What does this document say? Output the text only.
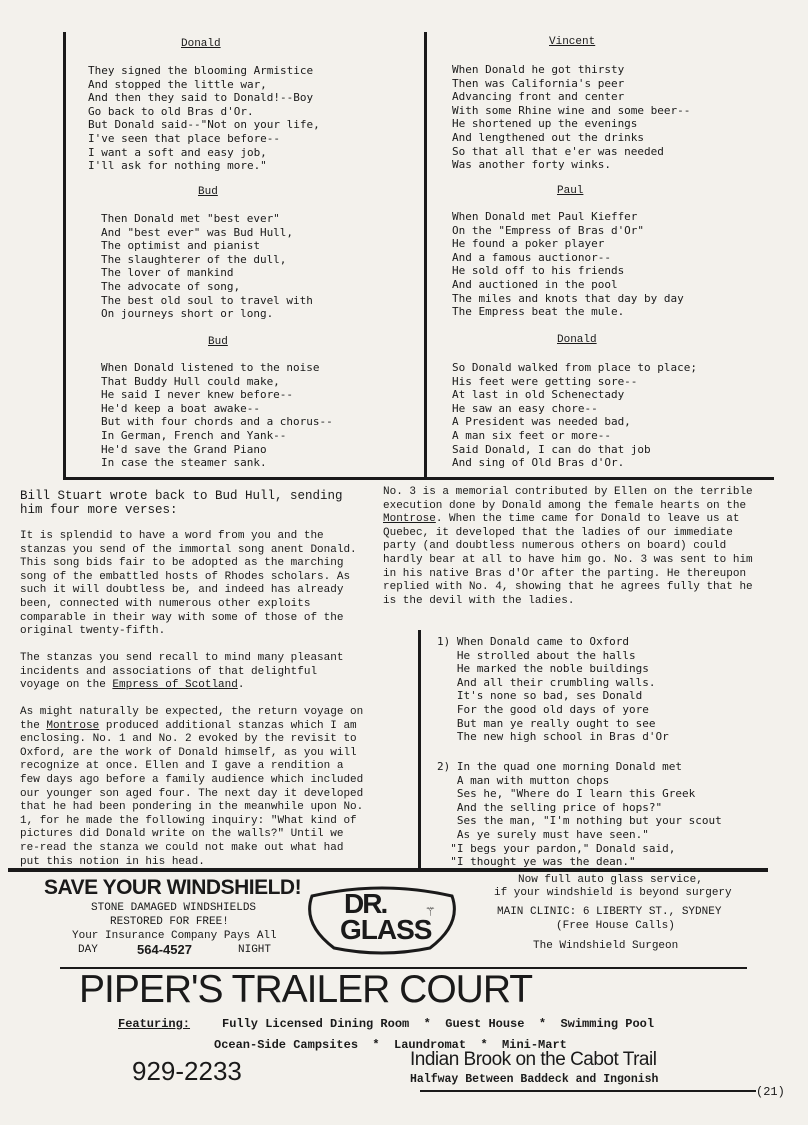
Donald
They signed the blooming Armistice
And stopped the little war,
And then they said to Donald!--Boy
Go back to old Bras d'Or.
But Donald said--"Not on your life,
I've seen that place before--
I want a soft and easy job,
I'll ask for nothing more."
Bud
Then Donald met "best ever"
And "best ever" was Bud Hull,
The optimist and pianist
The slaughterer of the dull,
The lover of mankind
The advocate of song,
The best old soul to travel with
On journeys short or long.
Bud
When Donald listened to the noise
That Buddy Hull could make,
He said I never knew before--
He'd keep a boat awake--
But with four chords and a chorus--
In German, French and Yank--
He'd save the Grand Piano
In case the steamer sank.
Vincent
When Donald he got thirsty
Then was California's peer
Advancing front and center
With some Rhine wine and some beer--
He shortened up the evenings
And lengthened out the drinks
So that all that e'er was needed
Was another forty winks.
Paul
When Donald met Paul Kieffer
On the "Empress of Bras d'Or"
He found a poker player
And a famous auctionor--
He sold off to his friends
And auctioned in the pool
The miles and knots that day by day
The Empress beat the mule.
Donald
So Donald walked from place to place;
His feet were getting sore--
At last in old Schenectady
He saw an easy chore--
A President was needed bad,
A man six feet or more--
Said Donald, I can do that job
And sing of Old Bras d'Or.

Bill Stuart wrote back to Bud Hull, sending him four more verses:

It is splendid to have a word from you and the stanzas you send of the immortal song anent Donald. This song bids fair to be adopted as the marching song of the embattled hosts of Rhodes scholars. As such it will doubtless be, and indeed has already been, connected with numerous other exploits comparable in their way with some of those of the original twenty-fifth.

The stanzas you send recall to mind many pleasant incidents and associations of that delightful voyage on the Empress of Scotland.

As might naturally be expected, the return voyage on the Montrose produced additional stanzas which I am enclosing. No. 1 and No. 2 evoked by the revisit to Oxford, are the work of Donald himself, as you will recognize at once. Ellen and I gave a rendition a few days ago before a family audience which included our younger son aged four. The next day it developed that he had been pondering in the meanwhile upon No. 1, for he made the following inquiry: "What kind of pictures did Donald write on the walls?" Until we re-read the stanza we could not make out what had put this notion in his head.

No. 3 is a memorial contributed by Ellen on the terrible execution done by Donald among the female hearts on the Montrose. When the time came for Donald to leave us at Quebec, it developed that the ladies of our immediate party (and doubtless numerous others on board) could hardly bear at all to have him go. No. 3 was sent to him in his native Bras d'Or after the parting. He thereupon replied with No. 4, showing that he agrees fully that he is the devil with the ladies.

1) When Donald came to Oxford
He strolled about the halls
He marked the noble buildings
And all their crumbling walls.
It's none so bad, ses Donald
For the good old days of yore
But man ye really ought to see
The new high school in Bras d'Or
2) In the quad one morning Donald met
A man with mutton chops
Ses he, "Where do I learn this Greek
And the selling price of hops?"
Ses the man, "I'm nothing but your scout
As ye surely must have seen."
"I begs your pardon," Donald said,
"I thought ye was the dean."
SAVE YOUR WINDSHIELD!
STONE DAMAGED WINDSHIELDS
RESTORED FOR FREE!
Your Insurance Company Pays All
DAY	564-4527	NIGHT
DR.
GLASS
⚚
Now full auto glass service,
if your windshield is beyond surgery
MAIN CLINIC: 6 LIBERTY ST., SYDNEY
(Free House Calls)
The Windshield Surgeon
PIPER'S TRAILER COURT
Featuring:	Fully Licensed Dining Room  *  Guest House  *  Swimming Pool
Ocean-Side Campsites  *  Laundromat  *  Mini-Mart
929-2233	Indian Brook on the Cabot Trail
Halfway Between Baddeck and Ingonish
(21)
